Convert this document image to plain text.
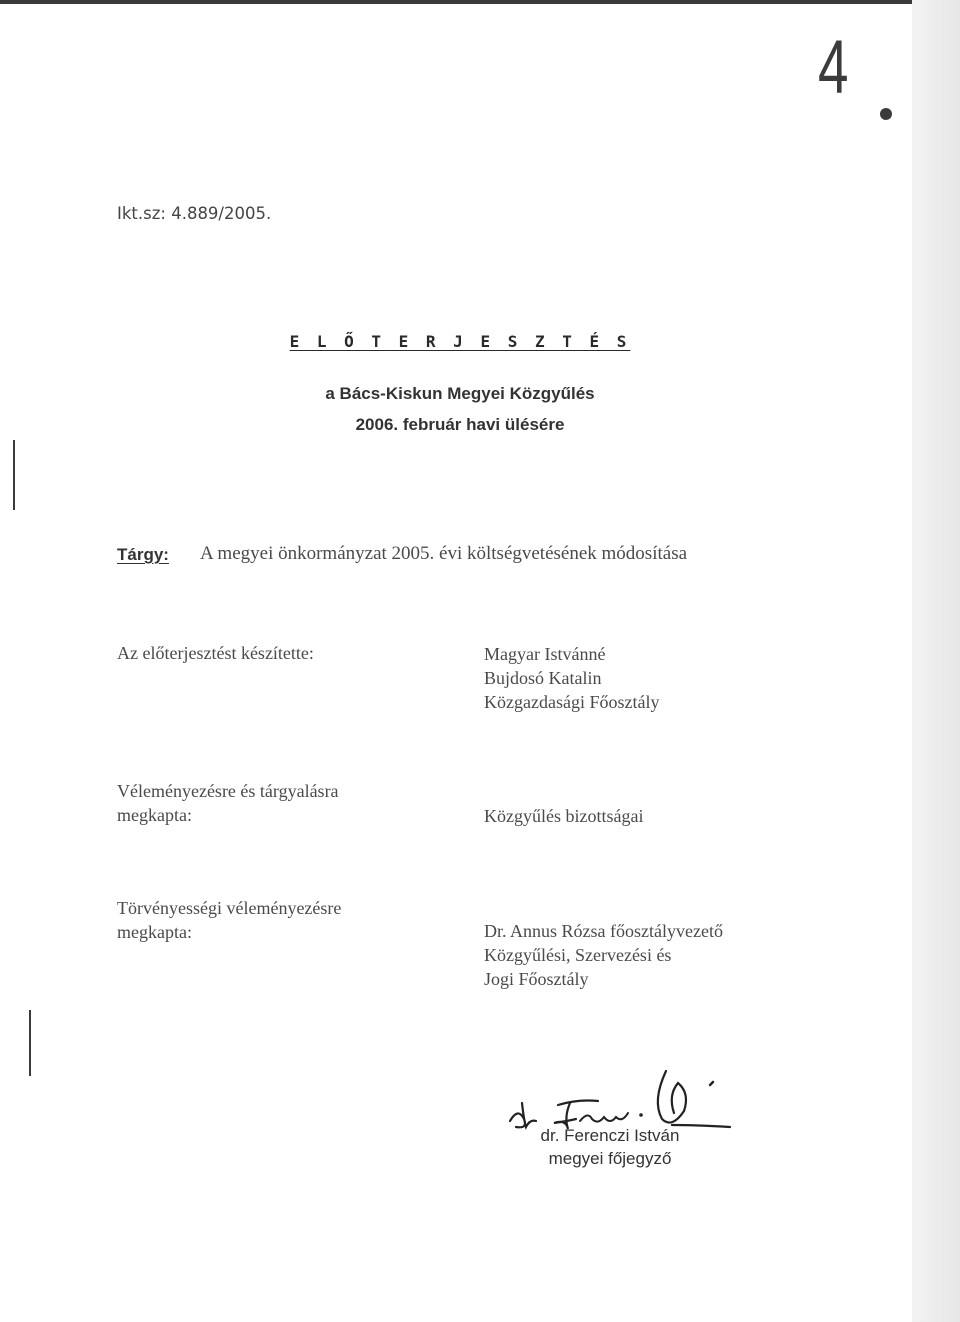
4
Ikt.sz: 4.889/2005.
E L Ő T E R J E S Z T É S
a Bács-Kiskun Megyei Közgyűlés
2006. február havi ülésére
Tárgy: A megyei önkormányzat 2005. évi költségvetésének módosítása
Az előterjesztést készítette:	Magyar Istvánné
Bujdosó Katalin
Közgazdasági Főosztály
Véleményezésre és tárgyalásra
megkapta:	Közgyűlés bizottságai
Törvényességi véleményezésre
megkapta:	Dr. Annus Rózsa főosztályvezető
Közgyűlési, Szervezési és
Jogi Főosztály
dr. Ferenczi István
megyei főjegyző
